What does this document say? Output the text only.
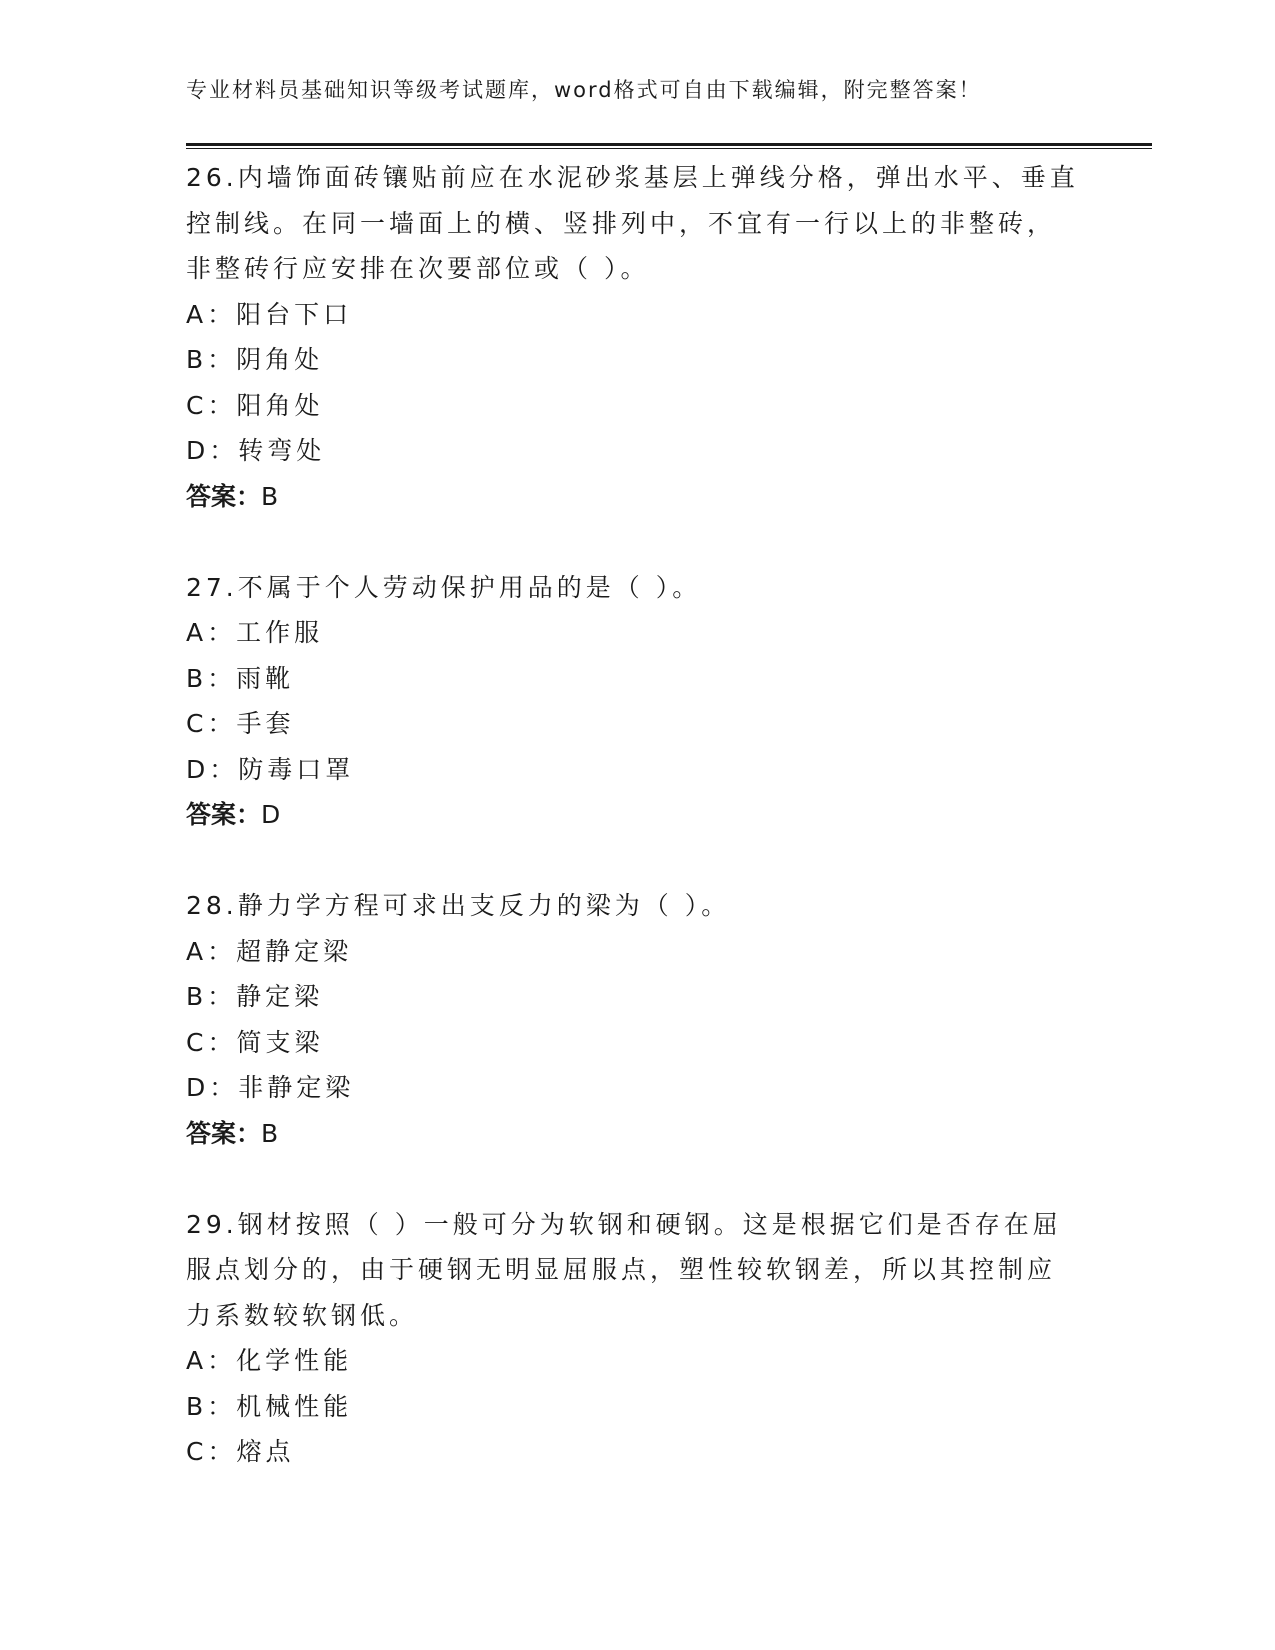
专业材料员基础知识等级考试题库，word格式可自由下载编辑，附完整答案！
26.内墙饰面砖镶贴前应在水泥砂浆基层上弹线分格，弹出水平、垂直
控制线。在同一墙面上的横、竖排列中，不宜有一行以上的非整砖，
非整砖行应安排在次要部位或（ ）。
A：阳台下口
B：阴角处
C：阳角处
D：转弯处
答案：B
27.不属于个人劳动保护用品的是（ ）。
A：工作服
B：雨靴
C：手套
D：防毒口罩
答案：D
28.静力学方程可求出支反力的梁为（ ）。
A：超静定梁
B：静定梁
C：简支梁
D：非静定梁
答案：B
29.钢材按照（ ）一般可分为软钢和硬钢。这是根据它们是否存在屈
服点划分的，由于硬钢无明显屈服点，塑性较软钢差，所以其控制应
力系数较软钢低。
A：化学性能
B：机械性能
C：熔点
